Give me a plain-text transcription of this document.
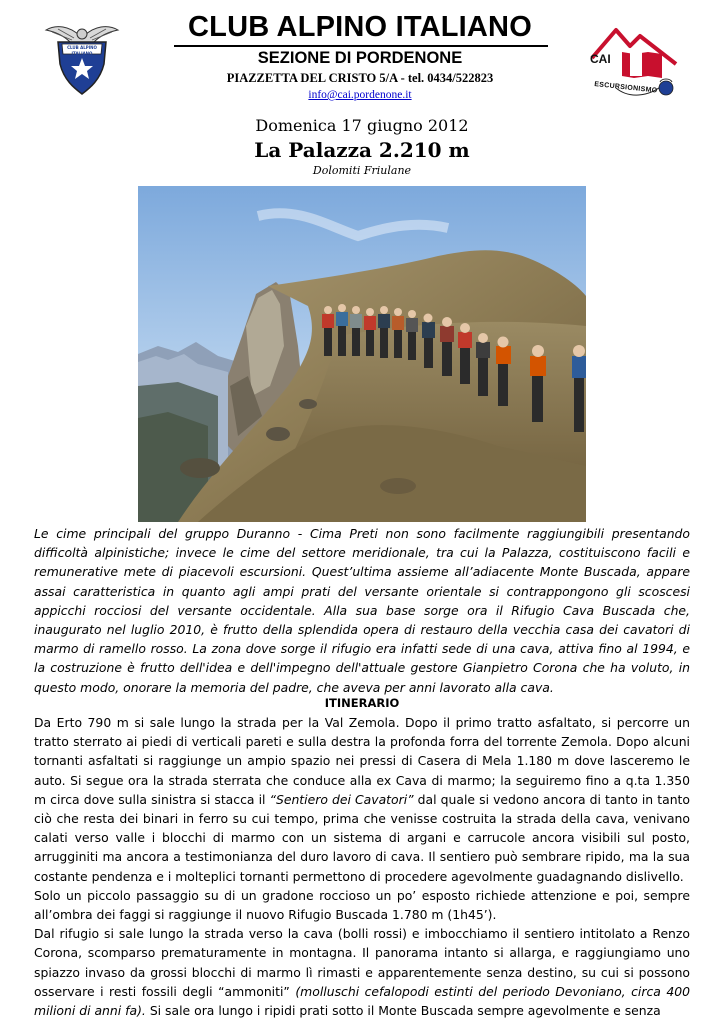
CLUB ALPINO ITALIANO
CLUB ALPINO ITALIANO
SEZIONE DI PORDENONE
PIAZZETTA DEL CRISTO 5/A - tel. 0434/522823
info@cai.pordenone.it
CAI
ESCURSIONISMO
Domenica 17 giugno 2012
La Palazza 2.210 m
Dolomiti Friulane

Le cime principali del gruppo Duranno - Cima Preti non sono facilmente raggiungibili presentando difficoltà alpinistiche; invece le cime del settore meridionale, tra cui la Palazza, costituiscono facili e remunerative mete di piacevoli escursioni. Quest’ultima assieme all’adiacente Monte Buscada, appare assai caratteristica in quanto agli ampi prati del versante orientale si contrappongono gli scoscesi appicchi rocciosi del versante occidentale. Alla sua base sorge ora il Rifugio Cava Buscada che, inaugurato nel luglio 2010, è frutto della splendida opera di restauro della vecchia casa dei cavatori di marmo di ramello rosso. La zona dove sorge il rifugio era infatti sede di una cava, attiva fino al 1994, e la costruzione è frutto dell'idea e dell'impegno dell'attuale gestore Gianpietro Corona che ha voluto, in questo modo, onorare la memoria del padre, che aveva per anni lavorato alla cava.

ITINERARIO

Da Erto 790 m si sale lungo la strada per la Val Zemola. Dopo il primo tratto asfaltato, si percorre un tratto sterrato ai piedi di verticali pareti e sulla destra la profonda forra del torrente Zemola. Dopo alcuni tornanti asfaltati si raggiunge un ampio spazio nei pressi di Casera di Mela 1.180 m dove lasceremo le auto. Si segue ora la strada sterrata che conduce alla ex Cava di marmo; la seguiremo fino a q.ta 1.350 m circa dove sulla sinistra si stacca il “Sentiero dei Cavatori” dal quale si vedono ancora di tanto in tanto ciò che resta dei binari in ferro su cui tempo, prima che venisse costruita la strada della cava, venivano calati verso valle i blocchi di marmo con un sistema di argani e carrucole ancora visibili sul posto, arrugginiti ma ancora a testimonianza del duro lavoro di cava. Il sentiero può sembrare ripido, ma la sua costante pendenza e i molteplici tornanti permettono di procedere agevolmente guadagnando dislivello.

Solo un piccolo passaggio su di un gradone roccioso un po’ esposto richiede attenzione e poi, sempre all’ombra dei faggi si raggiunge il nuovo Rifugio Buscada 1.780 m (1h45’).

Dal rifugio si sale lungo la strada verso la cava (bolli rossi) e imbocchiamo il sentiero intitolato a Renzo Corona, scomparso prematuramente in montagna. Il panorama intanto si allarga, e raggiungiamo uno spiazzo invaso da grossi blocchi di marmo lì rimasti e apparentemente senza destino, su cui si possono osservare i resti fossili degli “ammoniti” (molluschi cefalopodi estinti del periodo Devoniano, circa 400 milioni di anni fa). Si sale ora lungo i ripidi prati sotto il Monte Buscada sempre agevolmente e senza
